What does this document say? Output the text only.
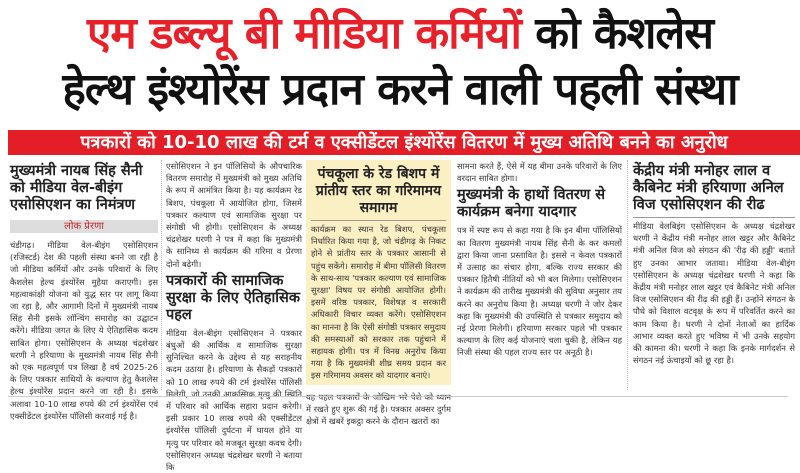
एम डब्ल्यू बी मीडिया कर्मियों को कैशलेस
हेल्थ इंश्योरेंस प्रदान करने वाली पहली संस्था
पत्रकारों को 10-10 लाख की टर्म व एक्सीडेंटल इंश्योरेंस वितरण में मुख्य अतिथि बनने का अनुरोध
मुख्यमंत्री नायब सिंह सैनी को मीडिया वेल-बीइंग एसोसिएशन का निमंत्रण
लोक प्रेरणा
चंडीगढ़। मीडिया वेल-बीइंग एसोसिएशन (रजिस्टर्ड) देश की पहली संस्था बनने जा रही है जो मीडिया कर्मियों और उनके परिवारों के लिए कैशलेस हेल्थ इंश्योरेंस मुहैया कराएगी। इस महत्वाकांक्षी योजना को युद्ध स्तर पर लागू किया जा रहा है, और आगामी दिनों में मुख्यमंत्री नायब सिंह सैनी इसके लॉन्चिंग समारोह का उद्घाटन करेंगे। मीडिया जगत के लिए ये ऐतिहासिक कदम साबित होगा। एसोसिएशन के अध्यक्ष चंद्रशेखर धरणी ने हरियाणा के मुख्यमंत्री नायब सिंह सैनी को एक महत्वपूर्ण पत्र लिखा है वर्ष 2025-26 के लिए पत्रकार साथियों के कल्याण हेतु कैशलेस हेल्थ इंश्योरेंस प्रदान करने जा रही है। इसके अलावा 10-10 लाख रुपये की टर्म इंश्योरेंस एवं एक्सीडेंटल इंश्योरेंस पॉलिसी करवाई गई है।
एसोसिएशन ने इन पॉलिसियों के औपचारिक वितरण समारोह में मुख्यमंत्री को मुख्य अतिथि के रूप में आमंत्रित किया है। यह कार्यक्रम रेड बिशप, पंचकूला में आयोजित होगा, जिसमें पत्रकार कल्याण एवं सामाजिक सुरक्षा पर संगोष्ठी भी होगी। एसोसिएशन के अध्यक्ष चंद्रशेखर धरणी ने पत्र में कहा कि मुख्यमंत्री के सानिध्य से कार्यक्रम की गरिमा व प्रेरणा दोनों बढ़ेगी।
पत्रकारों की सामाजिक सुरक्षा के लिए ऐतिहासिक पहल
मीडिया वेल-बीइंग एसोसिएशन ने पत्रकार बंधुओं की आर्थिक व सामाजिक सुरक्षा सुनिश्चित करने के उद्देश्य से यह सराहनीय कदम उठाया है। हरियाणा के सैकड़ों पत्रकारों को 10 लाख रुपये की टर्म इंश्योरेंस पॉलिसी मिलेगी, जो उनकी आकस्मिक मृत्यु की स्थिति में परिवार को आर्थिक सहारा प्रदान करेगी। इसी प्रकार 10 लाख रुपये की एक्सीडेंटल इंश्योरेंस पॉलिसी दुर्घटना में घायल होने या मृत्यु पर परिवार को मजबूत सुरक्षा कवच देगी। एसोसिएशन अध्यक्ष चंद्रशेखर धरणी ने बताया कि
पंचकूला के रेड बिशप में प्रांतीय स्तर का गरिमामय समागम
कार्यक्रम का स्थान रेड बिशप, पंचकूला निर्धारित किया गया है, जो चंडीगढ़ के निकट होने से प्रांतीय स्तर के पत्रकार आसानी से पहुंच सकेंगे। समारोह में बीमा पॉलिसी वितरण के साथ-साथ 'पत्रकार कल्याण एवं सामाजिक सुरक्षा' विषय पर संगोष्ठी आयोजित होगी। इसमें वरिष्ठ पत्रकार, विशेषज्ञ व सरकारी अधिकारी विचार व्यक्त करेंगे। एसोसिएशन का मानना है कि ऐसी संगोष्ठी पत्रकार समुदाय की समस्याओं को सरकार तक पहुंचाने में सहायक होगी। पत्र में विनम्र अनुरोध किया गया है कि मुख्यमंत्री शीघ्र समय प्रदान कर इस गरिमामय अवसर को यादगार बनाएं।
यह पहल पत्रकारों के जोखिम भरे पेशे को ध्यान में रखते हुए शुरू की गई है। पत्रकार अक्सर दुर्गम क्षेत्रों में खबरें इकट्ठा करने के दौरान खतरों का
सामना करते हैं, ऐसे में यह बीमा उनके परिवारों के लिए वरदान साबित होगा।
मुख्यमंत्री के हाथों वितरण से कार्यक्रम बनेगा यादगार
पत्र में स्पष्ट रूप से कहा गया है कि इन बीमा पॉलिसियों का वितरण मुख्यमंत्री नायब सिंह सैनी के कर कमलों द्वारा किया जाना प्रस्तावित है। इससे न केवल पत्रकारों में उत्साह का संचार होगा, बल्कि राज्य सरकार की पत्रकार हितैषी नीतियों को भी बल मिलेगा। एसोसिएशन ने कार्यक्रम की तारीख मुख्यमंत्री की सुविधा अनुसार तय करने का अनुरोध किया है। अध्यक्ष धरणी ने जोर देकर कहा कि मुख्यमंत्री की उपस्थिति से पत्रकार समुदाय को नई प्रेरणा मिलेगी। हरियाणा सरकार पहले भी पत्रकार कल्याण के लिए कई योजनाएं चला चुकी है, लेकिन यह निजी संस्था की पहल राज्य स्तर पर अनूठी है।
केंद्रीय मंत्री मनोहर लाल व कैबिनेट मंत्री हरियाणा अनिल विज एसोसिएशन की रीढ
मीडिया वेलबिइंग एसोसिएशन के अध्यक्ष चंद्रशेखर धरणी ने केंद्रीय मंत्री मनोहर लाल खट्टर और कैबिनेट मंत्री अनिल विज को संगठन की 'रीढ़ की हड्डी' बताते हुए उनका आभार जताया। मीडिया वेल-बीइंग एसोसिएशन के अध्यक्ष चंद्रशेखर धरणी ने कहा कि केंद्रीय मंत्री मनोहर लाल खट्टर एवं कैबिनेट मंत्री अनिल विज एसोसिएशन की रीढ़ की हड्डी हैं। उन्होंने संगठन के पौधे को विशाल वटवृक्ष के रूप में परिवर्तित करने का काम किया है। धरणी ने दोनों नेताओं का हार्दिक आभार व्यक्त करते हुए भविष्य में भी उनके सहयोग की कामना की। धरणी ने कहा कि इनके मार्गदर्शन से संगठन नई ऊंचाइयों को छू रहा है।
